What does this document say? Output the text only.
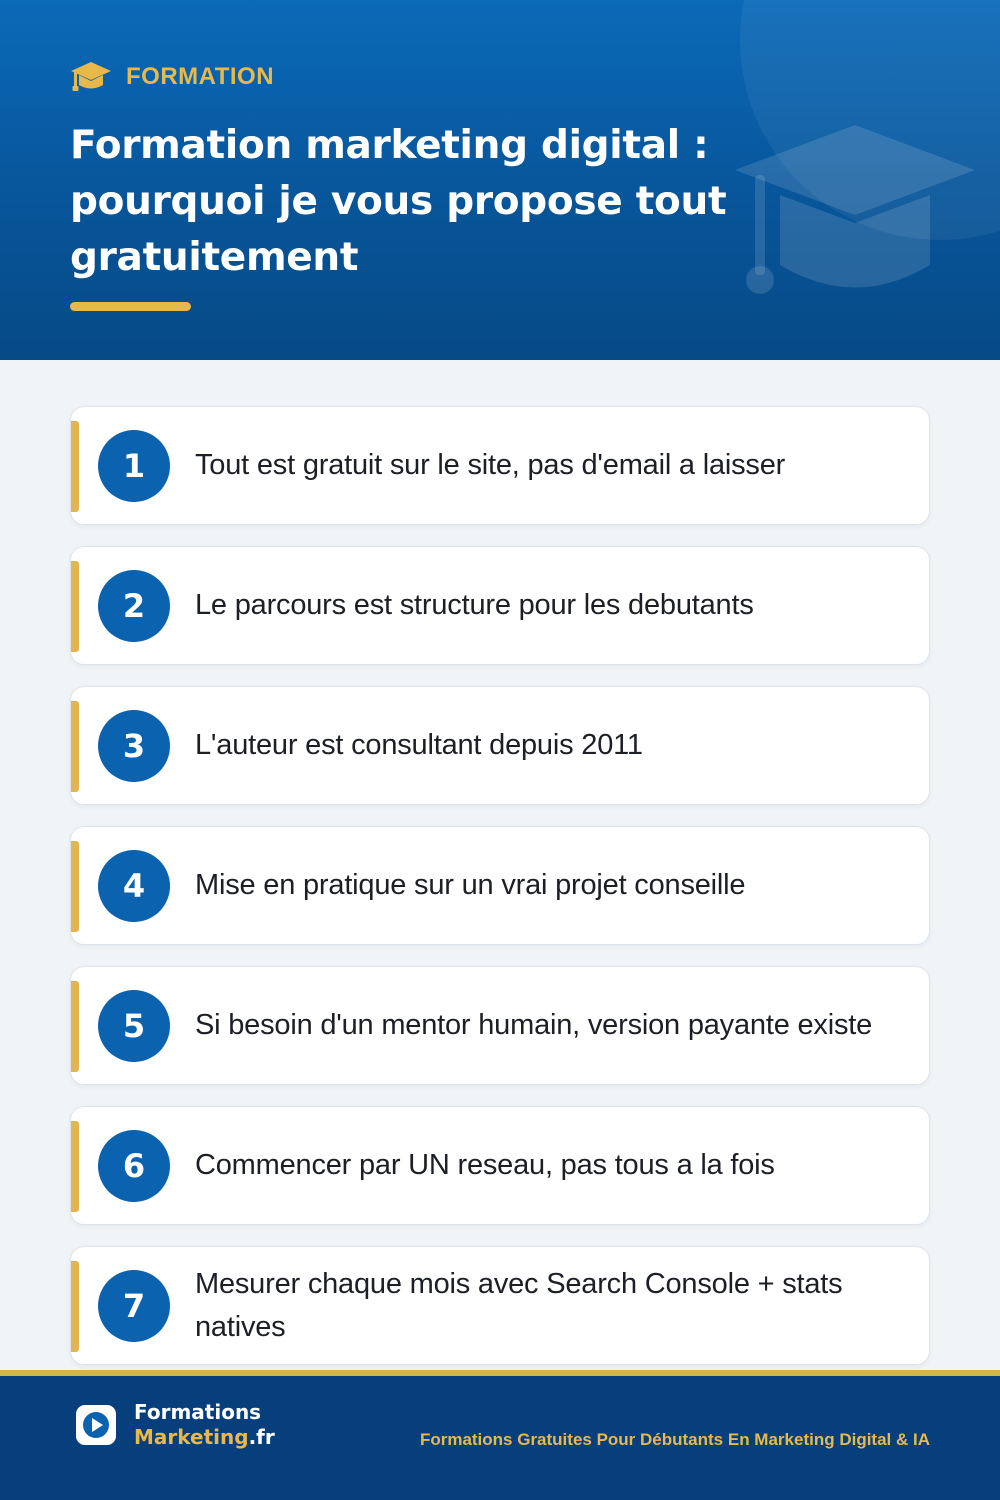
FORMATION
Formation marketing digital : pourquoi je vous propose tout gratuitement
1	Tout est gratuit sur le site, pas d'email a laisser
2	Le parcours est structure pour les debutants
3	L'auteur est consultant depuis 2011
4	Mise en pratique sur un vrai projet conseille
5	Si besoin d'un mentor humain, version payante existe
6	Commencer par UN reseau, pas tous a la fois
7
Mesurer chaque mois avec Search Console + stats natives
Formations
Marketing.fr	Formations Gratuites Pour Débutants En Marketing Digital & IA
